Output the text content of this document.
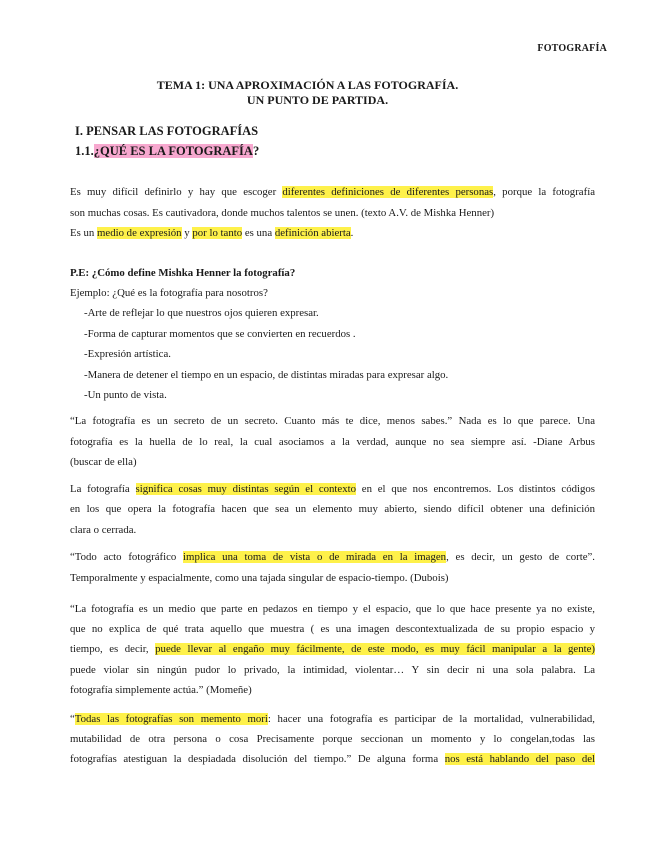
FOTOGRAFÍA
TEMA 1: UNA APROXIMACIÓN A LAS FOTOGRAFÍA.
UN PUNTO DE PARTIDA.
I. PENSAR LAS FOTOGRAFÍAS
1.1.¿QUÉ ES LA FOTOGRAFÍA?
Es muy difícil definirlo y hay que escoger diferentes definiciones de diferentes personas, porque la fotografía
son muchas cosas. Es cautivadora, donde muchos talentos se unen. (texto A.V. de Mishka Henner)
Es un medio de expresión y por lo tanto es una definición abierta.
P.E: ¿Cómo define Mishka Henner la fotografía?
Ejemplo: ¿Qué es la fotografía para nosotros?
-Arte de reflejar lo que nuestros ojos quieren expresar.
-Forma de capturar momentos que se convierten en recuerdos .
-Expresión artística.
-Manera de detener el tiempo en un espacio, de distintas miradas para expresar algo.
-Un punto de vista.
“La fotografía es un secreto de un secreto. Cuanto más te dice, menos sabes.” Nada es lo que parece. Una
fotografía es la huella de lo real, la cual asociamos a la verdad, aunque no sea siempre así. -Diane Arbus
(buscar de ella)
La fotografía significa cosas muy distintas según el contexto en el que nos encontremos. Los distintos códigos
en los que opera la fotografía hacen que sea un elemento muy abierto, siendo difícil obtener una definición
clara o cerrada.
“Todo acto fotográfico implica una toma de vista o de mirada en la imagen, es decir, un gesto de corte”.
Temporalmente y espacialmente, como una tajada singular de espacio-tiempo. (Dubois)
“La fotografía es un medio que parte en pedazos en tiempo y el espacio, que lo que hace presente ya no existe,
que no explica de qué trata aquello que muestra ( es una imagen descontextualizada de su propio espacio y
tiempo, es decir, puede llevar al engaño muy fácilmente, de este modo, es muy fácil manipular a la gente)
puede violar sin ningún pudor lo privado, la intimidad, violentar… Y sin decir ni una sola palabra. La
fotografía simplemente actúa.” (Momeñe)
“Todas las fotografías son memento mori: hacer una fotografía es participar de la mortalidad, vulnerabilidad,
mutabilidad de otra persona o cosa Precisamente porque seccionan un momento y lo congelan,todas las
fotografías atestiguan la despiadada disolución del tiempo.” De alguna forma nos está hablando del paso del
